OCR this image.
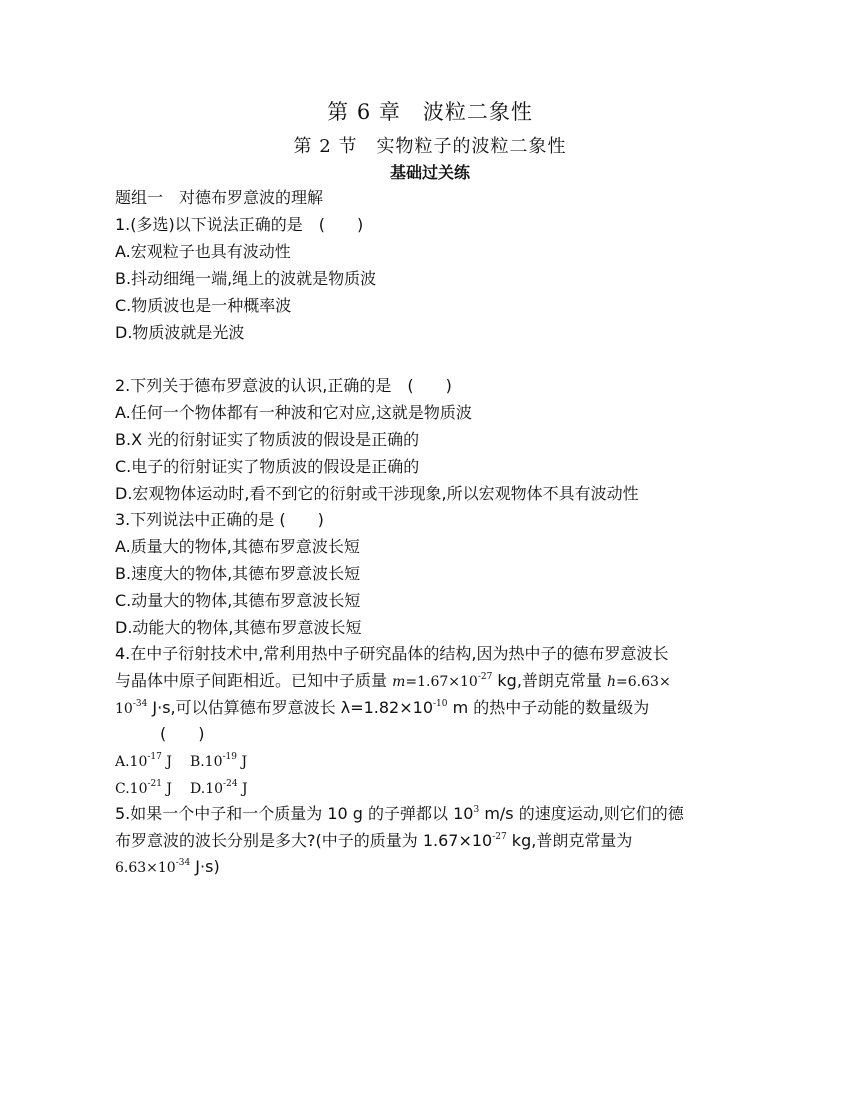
第 6 章　波粒二象性
第 2 节　实物粒子的波粒二象性
基础过关练
题组一　对德布罗意波的理解
1.(多选)以下说法正确的是　(　　)
A.宏观粒子也具有波动性
B.抖动细绳一端,绳上的波就是物质波
C.物质波也是一种概率波
D.物质波就是光波
2.下列关于德布罗意波的认识,正确的是　(　　)
A.任何一个物体都有一种波和它对应,这就是物质波
B.X 光的衍射证实了物质波的假设是正确的
C.电子的衍射证实了物质波的假设是正确的
D.宏观物体运动时,看不到它的衍射或干涉现象,所以宏观物体不具有波动性
3.下列说法中正确的是 (　　)
A.质量大的物体,其德布罗意波长短
B.速度大的物体,其德布罗意波长短
C.动量大的物体,其德布罗意波长短
D.动能大的物体,其德布罗意波长短
4.在中子衍射技术中,常利用热中子研究晶体的结构,因为热中子的德布罗意波长
与晶体中原子间距相近。已知中子质量 $m=1.67\times 10^{-27}$ kg,普朗克常量 h=6.63×
$10^{-34}$ J·s,可以估算德布罗意波长 $\lambda=1.82\times 10^{-10}$ m 的热中子动能的数量级为
(　　)
$A.10^{-17}$ J $B.10^{-19}$ J
$C.10^{-21}$ J $D.10^{-24}$ J
5.如果一个中子和一个质量为 10 g 的子弹都以 $10^3$ m/s 的速度运动,则它们的德
布罗意波的波长分别是多大?(中子的质量为 $1.67\times 10^{-27}$ kg,普朗克常量为
$6.63\times 10^{-34}$ J·s)
